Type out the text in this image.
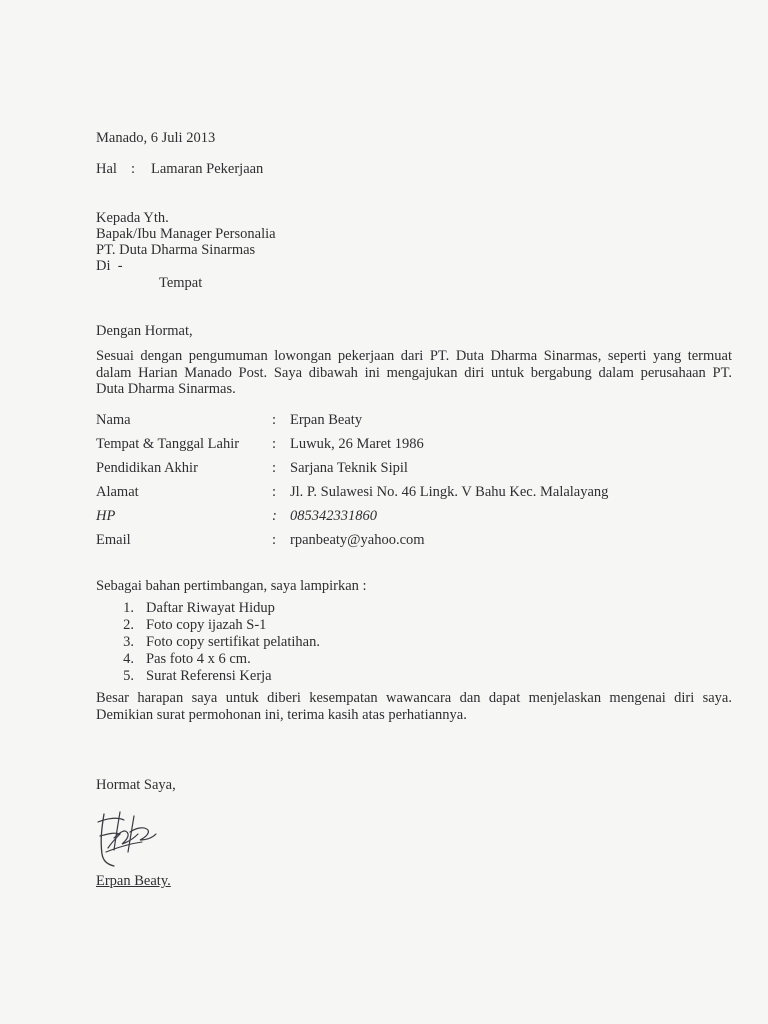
Manado, 6 Juli 2013
Hal : Lamaran Pekerjaan
Kepada Yth.
Bapak/Ibu Manager Personalia
PT. Duta Dharma Sinarmas
Di  -
Tempat
Dengan Hormat,
Sesuai dengan pengumuman lowongan pekerjaan dari PT. Duta Dharma Sinarmas, seperti yang termuat
dalam Harian Manado Post. Saya dibawah ini mengajukan diri untuk bergabung dalam perusahaan PT.
Duta Dharma Sinarmas.
Nama	: Erpan Beaty
Tempat & Tanggal Lahir : Luwuk, 26 Maret 1986
Pendidikan Akhir	: Sarjana Teknik Sipil
Alamat	: Jl. P. Sulawesi No. 46 Lingk. V Bahu Kec. Malalayang
HP	: 085342331860
Email	: rpanbeaty@yahoo.com
Sebagai bahan pertimbangan, saya lampirkan :
1. Daftar Riwayat Hidup
2. Foto copy ijazah S-1
3. Foto copy sertifikat pelatihan.
4. Pas foto 4 x 6 cm.
5. Surat Referensi Kerja
Besar harapan saya untuk diberi kesempatan wawancara dan dapat menjelaskan mengenai diri saya.
Demikian surat permohonan ini, terima kasih atas perhatiannya.
Hormat Saya,
Erpan Beaty.
